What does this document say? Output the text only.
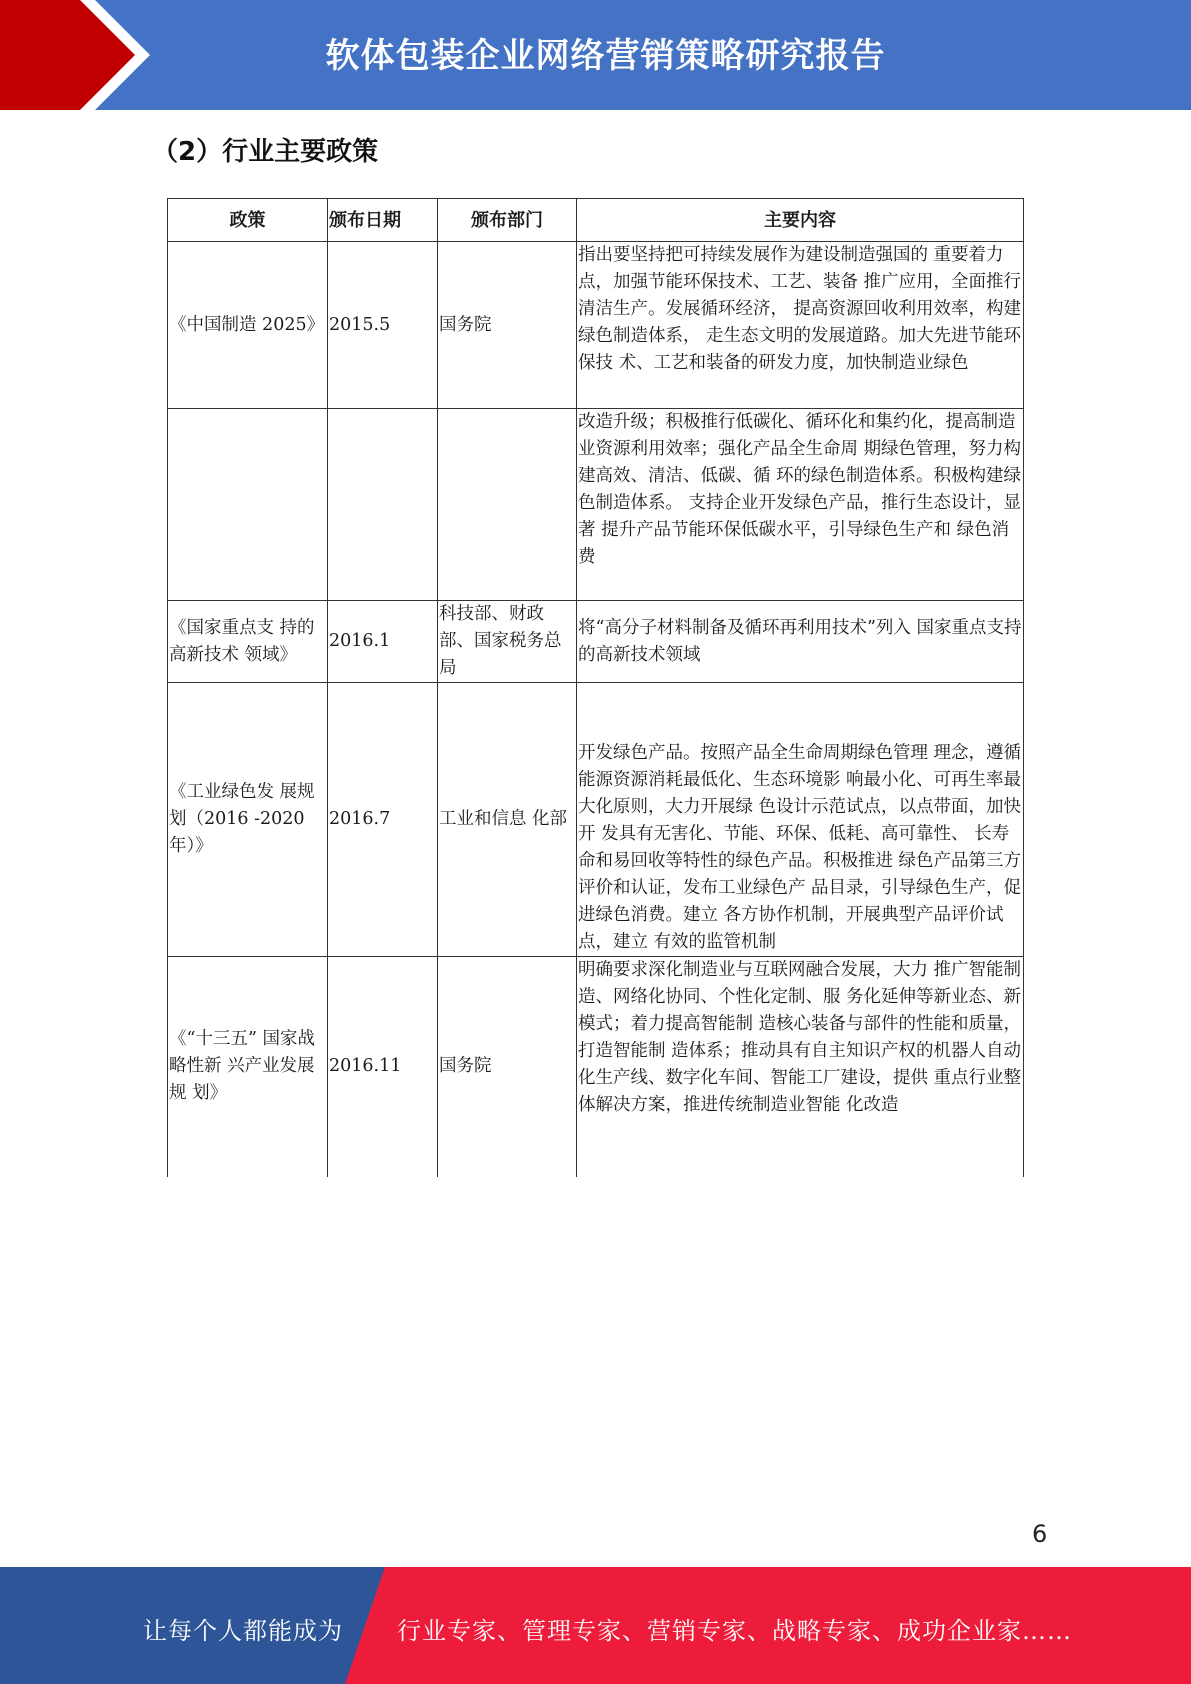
软体包装企业网络营销策略研究报告
（2）行业主要政策
政策	颁布日期	颁布部门	主要内容
《中国制造 2025》	2015.5	国务院	指出要坚持把可持续发展作为建设制造强国的 重要着力点，加强节能环保技术、工艺、装备 推广应用，全面推行清洁生产。发展循环经济， 提高资源回收利用效率，构建绿色制造体系， 走生态文明的发展道路。加大先进节能环保技 术、工艺和装备的研发力度，加快制造业绿色
			改造升级；积极推行低碳化、循环化和集约化，提高制造业资源利用效率；强化产品全生命周 期绿色管理，努力构建高效、清洁、低碳、循 环的绿色制造体系。积极构建绿色制造体系。 支持企业开发绿色产品，推行生态设计，显著 提升产品节能环保低碳水平，引导绿色生产和 绿色消费
《国家重点支 持的高新技术 领域》	2016.1	科技部、财政部、国家税务总局	将“高分子材料制备及循环再利用技术”列入 国家重点支持的高新技术领域
《工业绿色发 展规划（2016 -2020 年）》	2016.7	工业和信息 化部	开发绿色产品。按照产品全生命周期绿色管理 理念，遵循能源资源消耗最低化、生态环境影 响最小化、可再生率最大化原则，大力开展绿 色设计示范试点，以点带面，加快开 发具有无害化、节能、环保、低耗、高可靠性、 长寿命和易回收等特性的绿色产品。积极推进 绿色产品第三方评价和认证，发布工业绿色产 品目录，引导绿色生产，促进绿色消费。建立 各方协作机制，开展典型产品评价试点，建立 有效的监管机制
《“十三五” 国家战略性新 兴产业发展规 划》	2016.11	国务院	明确要求深化制造业与互联网融合发展，大力 推广智能制造、网络化协同、个性化定制、服 务化延伸等新业态、新模式；着力提高智能制 造核心装备与部件的性能和质量，打造智能制 造体系；推动具有自主知识产权的机器人自动 化生产线、数字化车间、智能工厂建设，提供 重点行业整体解决方案，推进传统制造业智能 化改造
6
让每个人都能成为 行业专家、管理专家、营销专家、战略专家、成功企业家……
